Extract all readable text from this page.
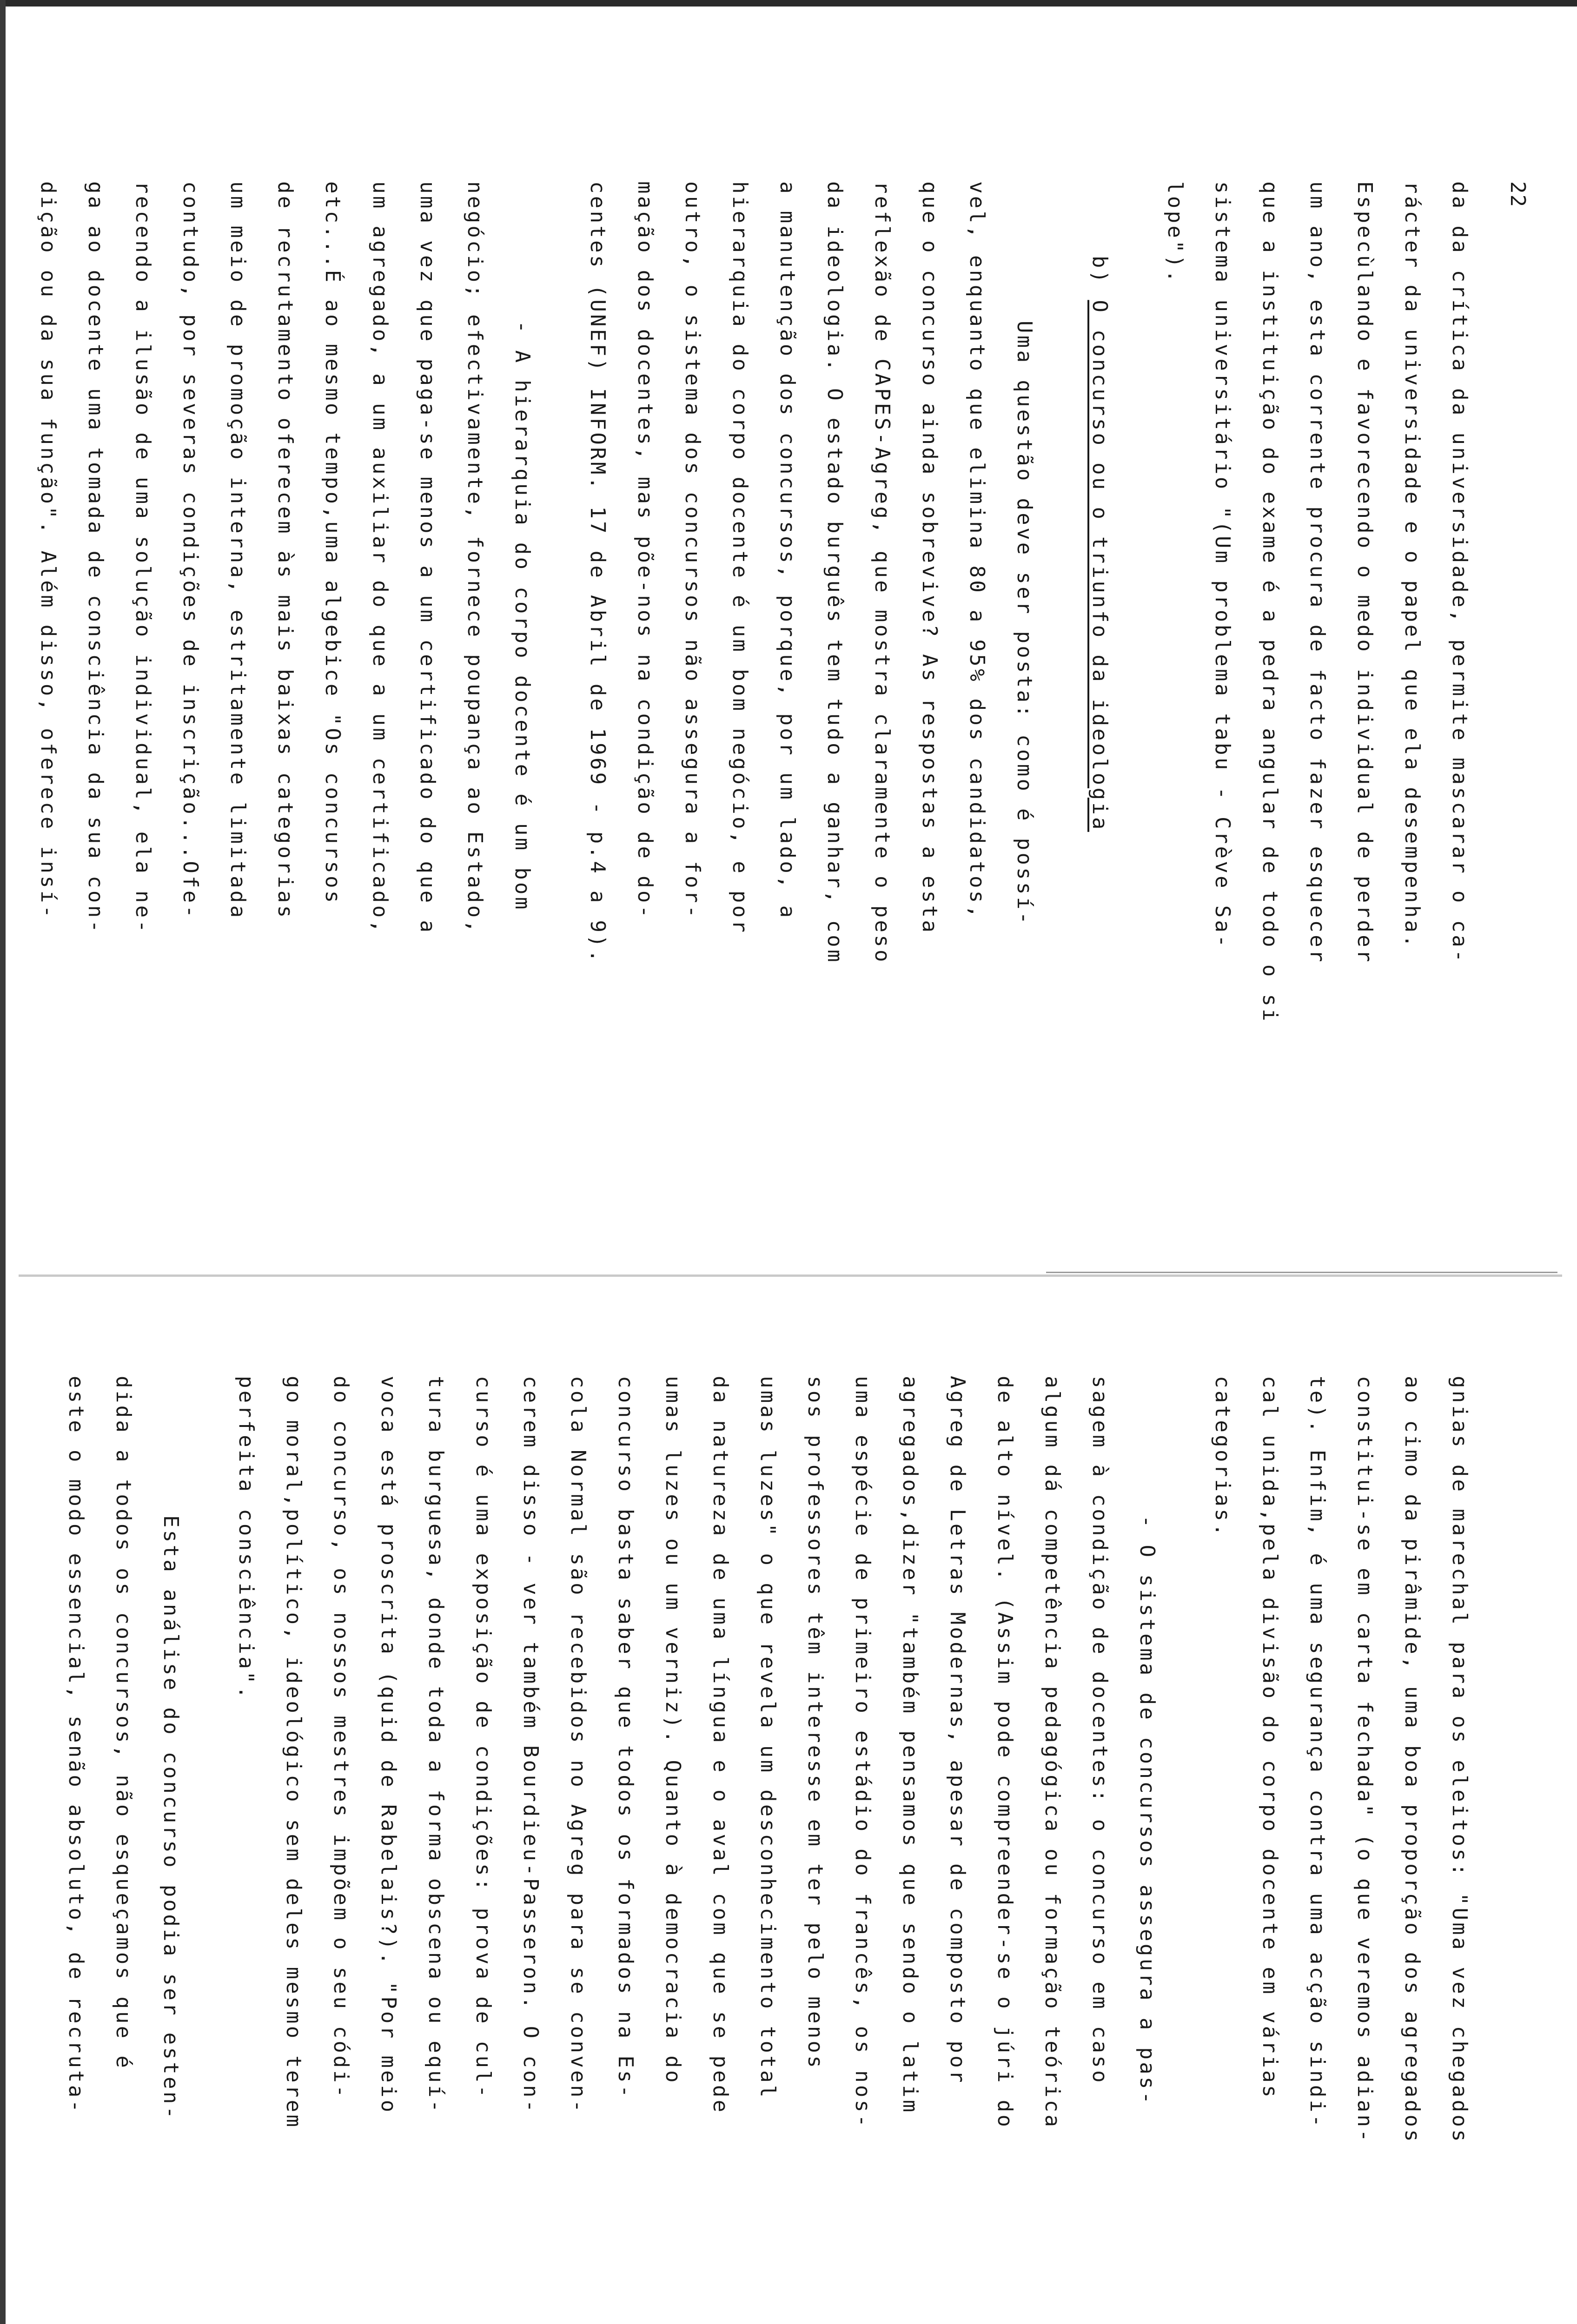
22
da da crítica da universidade, permite mascarar o ca-
rácter da universidade e o papel que ela desempenha.
Especùlando e favorecendo o medo individual de perder
um ano, esta corrente procura de facto fazer esquecer
que a instituição do exame é a pedra angular de todo o si
sistema universitário "(Um problema tabu - Crève Sa-
lope").
b) O concurso ou o triunfo da ideologia
Uma questão deve ser posta: como é possí-
vel, enquanto que elimina 80 a 95% dos candidatos,
que o concurso ainda sobrevive? As respostas a esta
reflexão de CAPES-Agreg, que mostra claramente o peso
da ideologia. O estado burguês tem tudo a ganhar, com
a manutenção dos concursos, porque, por um lado, a
hierarquia do corpo docente é um bom negócio, e por
outro, o sistema dos concursos não assegura a for-
mação dos docentes, mas põe-nos na condição de do-
centes (UNEF) INFORM. 17 de Abril de 1969 - p.4 a 9).
- A hierarquia do corpo docente é um bom
negócio; efectivamente, fornece poupança ao Estado,
uma vez que paga-se menos a um certificado do que a
um agregado, a um auxiliar do que a um certificado,
etc...É ao mesmo tempo,uma algebice "Os concursos
de recrutamento oferecem às mais baixas categorias
um meio de promoção interna, estritamente limitada
contudo, por severas condições de inscrição...Ofe-
recendo a ilusão de uma solução individual, ela ne-
ga ao docente uma tomada de consciência da sua con-
dição ou da sua função". Além disso, oferece insí-
gnias de marechal para os eleitos: "Uma vez chegados
ao cimo da pirâmide, uma boa proporção dos agregados
constitui-se em carta fechada" (o que veremos adian-
te). Enfim, é uma segurança contra uma acção sindi-
cal unida,pela divisão do corpo docente em várias
categorias.
- O sistema de concursos assegura a pas-
sagem à condição de docentes: o concurso em caso
algum dá competência pedagógica ou formação teórica
de alto nível. (Assim pode compreender-se o júri do
Agreg de Letras Modernas, apesar de composto por
agregados,dizer "também pensamos que sendo o latim
uma espécie de primeiro estádio do francês, os nos-
sos professores têm interesse em ter pelo menos
umas luzes" o que revela um desconhecimento total
da natureza de uma língua e o aval com que se pede
umas luzes ou um verniz). Quanto à democracia do
concurso basta saber que todos os formados na Es-
cola Normal são recebidos no Agreg para se conven-
cerem disso - ver também Bourdieu-Passeron. O con-
curso é uma exposição de condições: prova de cul-
tura burguesa, donde toda a forma obscena ou equí-
voca está proscrita (quid de Rabelais?). "Por meio
do concurso, os nossos mestres impõem o seu códi-
go moral,político, ideológico sem deles mesmo terem
perfeita consciência".
Esta análise do concurso podia ser esten-
dida a todos os concursos, não esqueçamos que é
este o modo essencial, senão absoluto, de recruta-
